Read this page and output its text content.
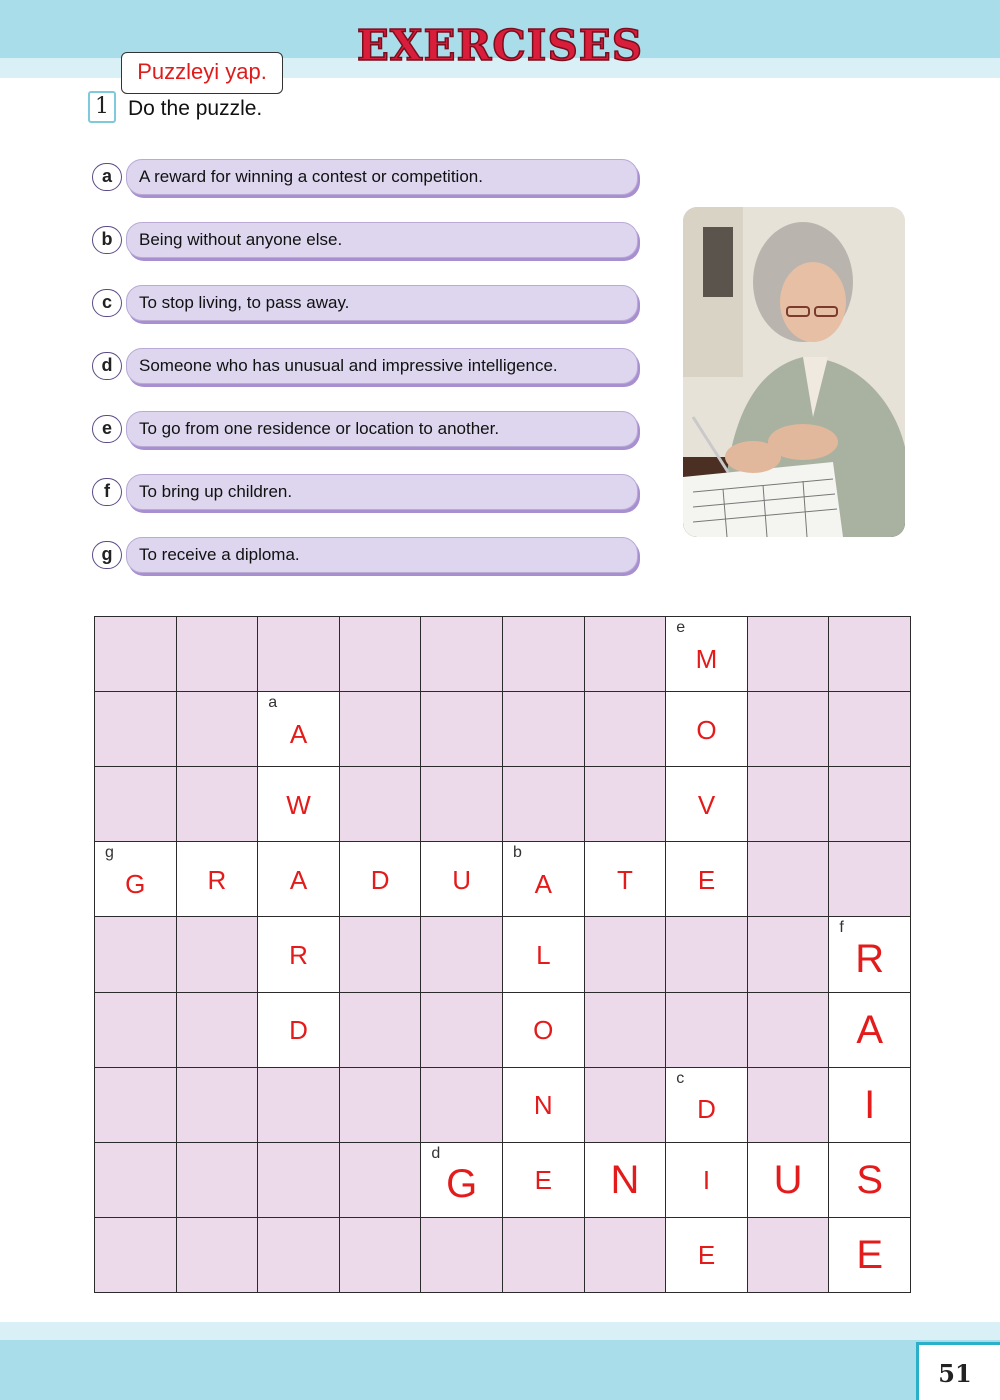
EXERCISES
Puzzleyi yap.
1 Do the puzzle.
a	A reward for winning a contest or competition.
b	Being without anyone else.
c	To stop living, to pass away.
d	Someone who has unusual and impressive intelligence.
e	To go from one residence or location to another.
f	To bring up children.
g	To receive a diploma.
e
M
a
A	O
W	V
g
G	R	A	D	U
b
A	T	E
R	L
f
R
D	O	A
N
c
D	I
d
G	E	N	I	U	S
E	E
51
